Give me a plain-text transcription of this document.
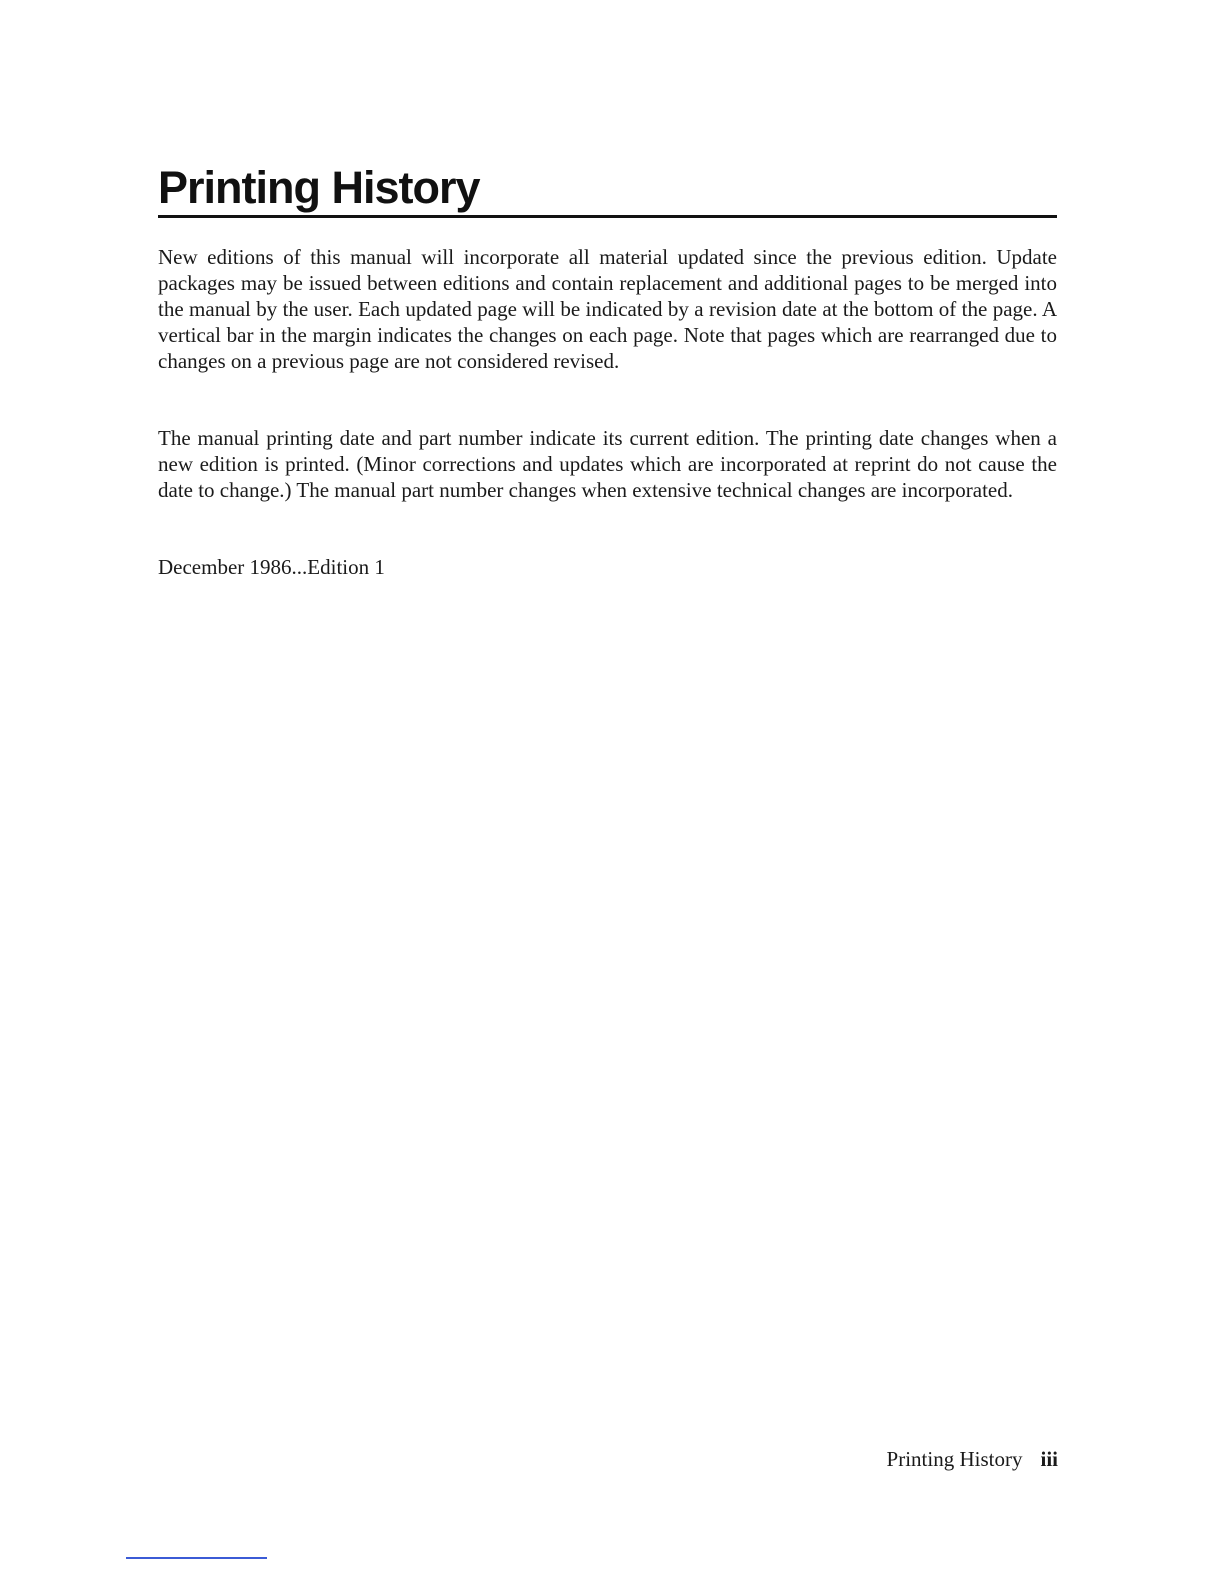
Printing History

New editions of this manual will incorporate all material updated since the previous edition. Update packages may be issued between editions and contain replacement and additional pages to be merged into the manual by the user. Each updated page will be indicated by a revision date at the bottom of the page. A vertical bar in the margin indicates the changes on each page. Note that pages which are rearranged due to changes on a previous page are not considered revised.

The manual printing date and part number indicate its current edition. The printing date changes when a new edition is printed. (Minor corrections and updates which are incorporated at reprint do not cause the date to change.) The manual part number changes when extensive technical changes are incorporated.

December 1986...Edition 1

Printing History iii
